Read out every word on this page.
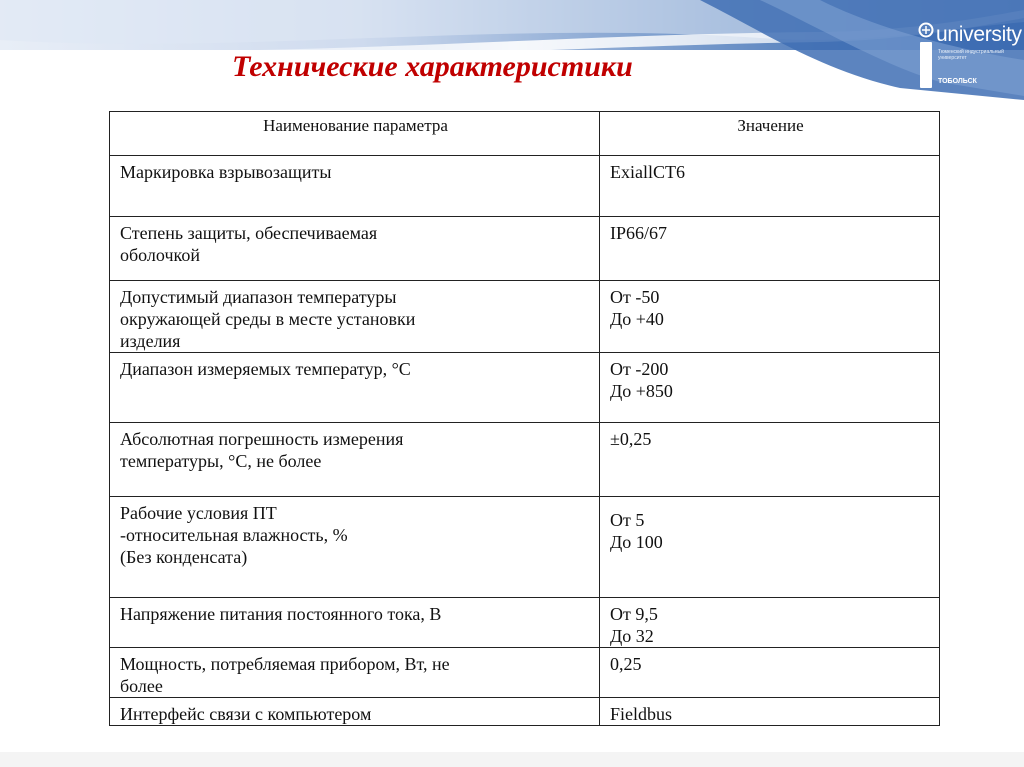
university
Тюменский индустриальный университет
ТОБОЛЬСК
Технические характеристики
Наименование параметра	Значение
Маркировка взрывозащиты	ExiallCT6
Степень защиты, обеспечиваемая
оболочкой	IP66/67
Допустимый диапазон температуры
окружающей среды в месте установки
изделия	От -50
До +40
Диапазон измеряемых температур, °С	От -200
До +850
Абсолютная погрешность измерения
температуры, °С, не более	±0,25
Рабочие условия ПТ
-относительная влажность, %
(Без конденсата)	От 5
До 100
Напряжение питания постоянного тока, В	От 9,5
До 32
Мощность, потребляемая прибором, Вт, не
более	0,25
Интерфейс связи с компьютером	Fieldbus
